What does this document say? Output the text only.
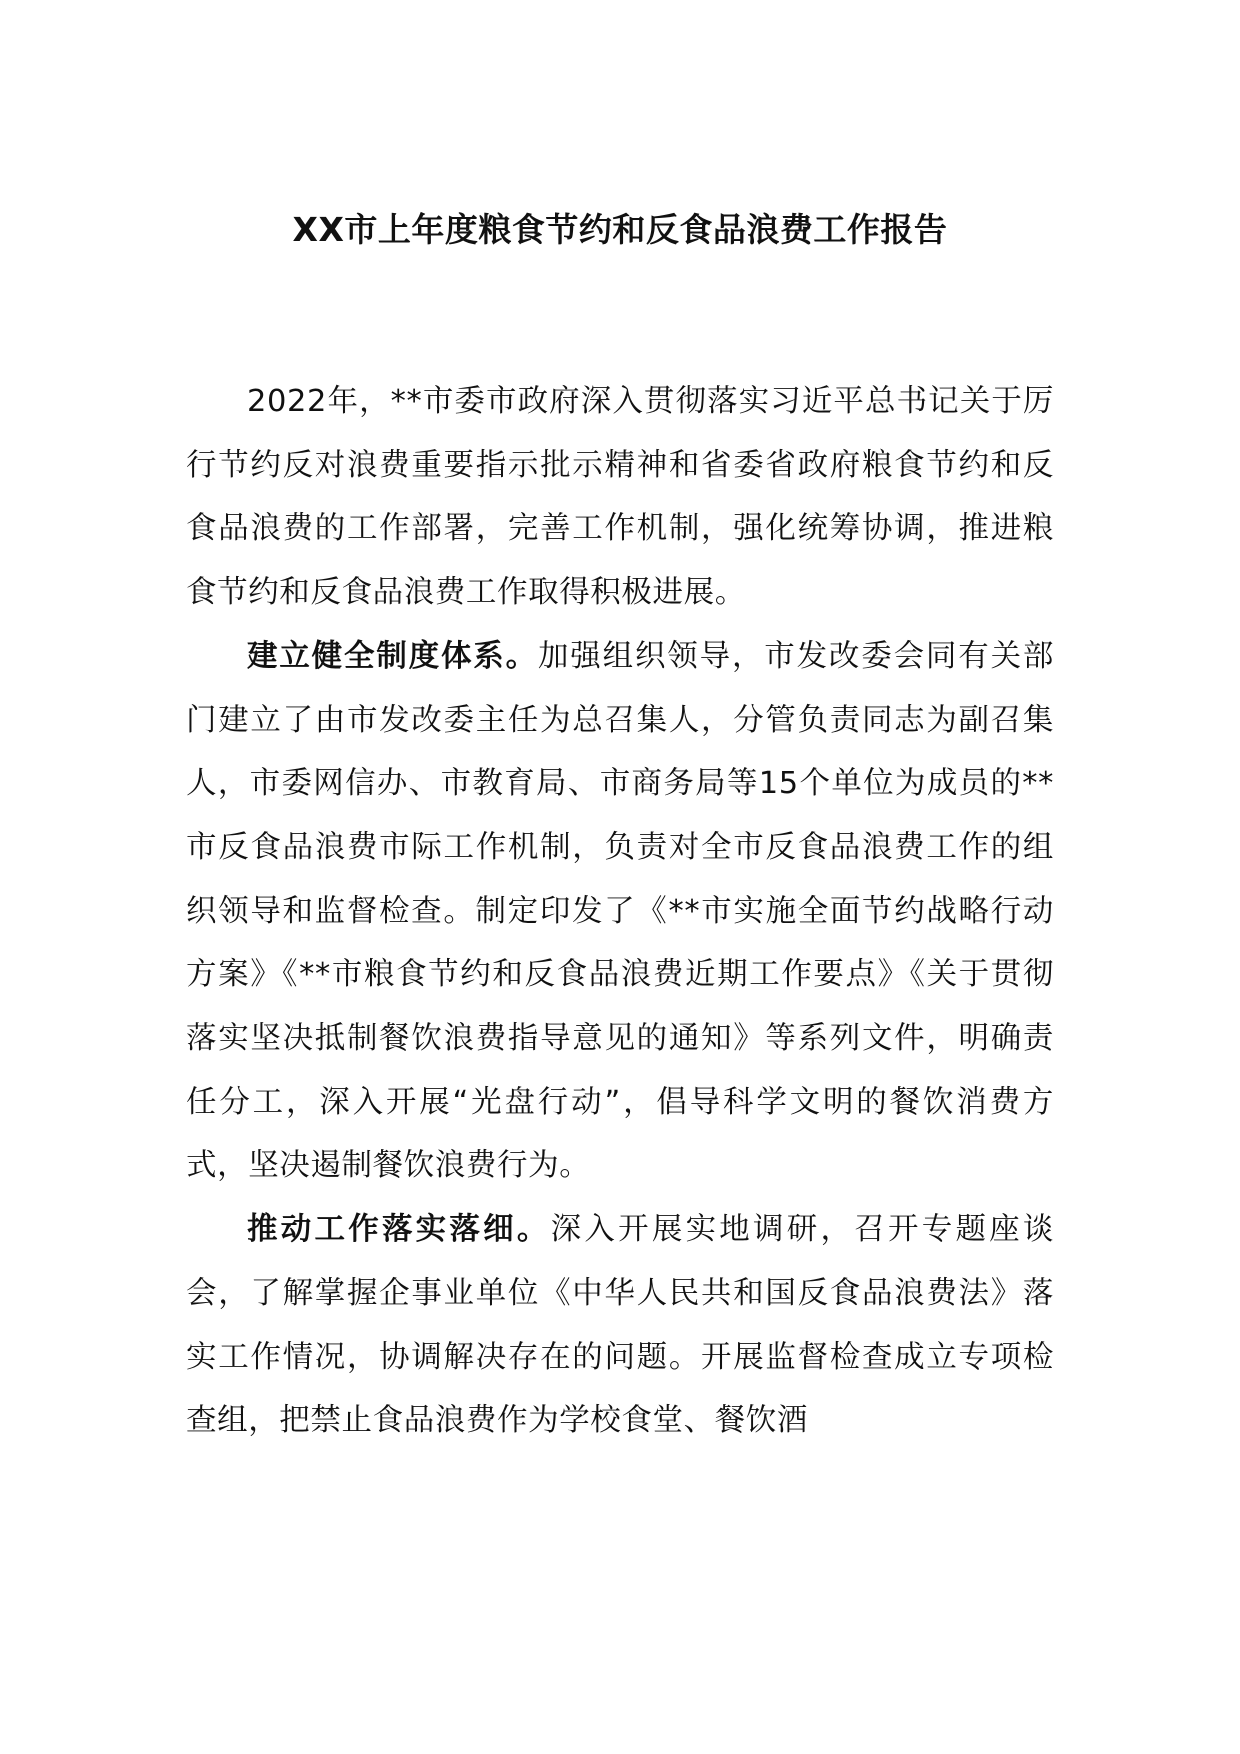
XX市上年度粮食节约和反食品浪费工作报告

2022年，**市委市政府深入贯彻落实习近平总书记关于厉行节约反对浪费重要指示批示精神和省委省政府粮食节约和反食品浪费的工作部署，完善工作机制，强化统筹协调，推进粮食节约和反食品浪费工作取得积极进展。

建立健全制度体系。加强组织领导，市发改委会同有关部门建立了由市发改委主任为总召集人，分管负责同志为副召集人，市委网信办、市教育局、市商务局等15个单位为成员的**市反食品浪费市际工作机制，负责对全市反食品浪费工作的组织领导和监督检查。制定印发了《**市实施全面节约战略行动方案》《**市粮食节约和反食品浪费近期工作要点》《关于贯彻落实坚决抵制餐饮浪费指导意见的通知》等系列文件，明确责任分工，深入开展“光盘行动”，倡导科学文明的餐饮消费方式，坚决遏制餐饮浪费行为。

推动工作落实落细。深入开展实地调研，召开专题座谈会，了解掌握企事业单位《中华人民共和国反食品浪费法》落实工作情况，协调解决存在的问题。开展监督检查成立专项检查组，把禁止食品浪费作为学校食堂、餐饮酒
